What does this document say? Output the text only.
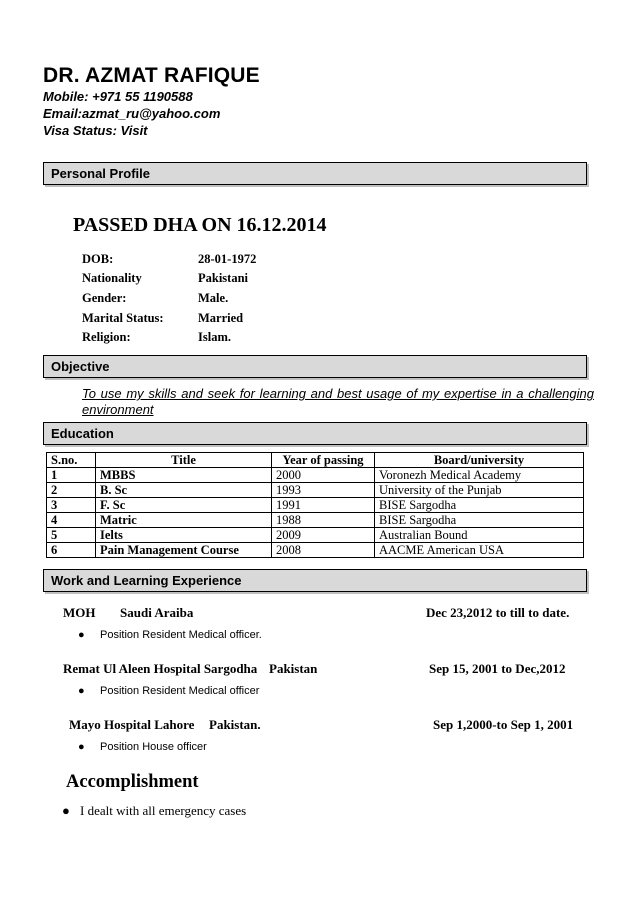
DR. AZMAT RAFIQUE
Mobile: +971 55 1190588
Email:azmat_ru@yahoo.com
Visa Status: Visit
Personal Profile
PASSED DHA ON 16.12.2014
DOB:	28-01-1972
Nationality	Pakistani
Gender:	Male.
Marital Status:	Married
Religion:	Islam.
Objective
To use my skills and seek for learning and best usage of my expertise in a challenging environment
Education
S.no.	Title	Year of passing	Board/university
1	MBBS	2000	Voronezh Medical Academy
2	B. Sc	1993	University of the Punjab
3	F. Sc	1991	BISE Sargodha
4	Matric	1988	BISE Sargodha
5	Ielts	2009	Australian Bound
6	Pain Management Course	2008	AACME American USA
Work and Learning Experience
MOH Saudi Araiba	Dec 23,2012 to till to date.
● Position Resident Medical officer.
Remat Ul Aleen Hospital Sargodha Pakistan	Sep 15, 2001 to Dec,2012
● Position Resident Medical officer
Mayo Hospital Lahore Pakistan.	Sep 1,2000-to Sep 1, 2001
● Position House officer
Accomplishment
● I dealt with all emergency cases
